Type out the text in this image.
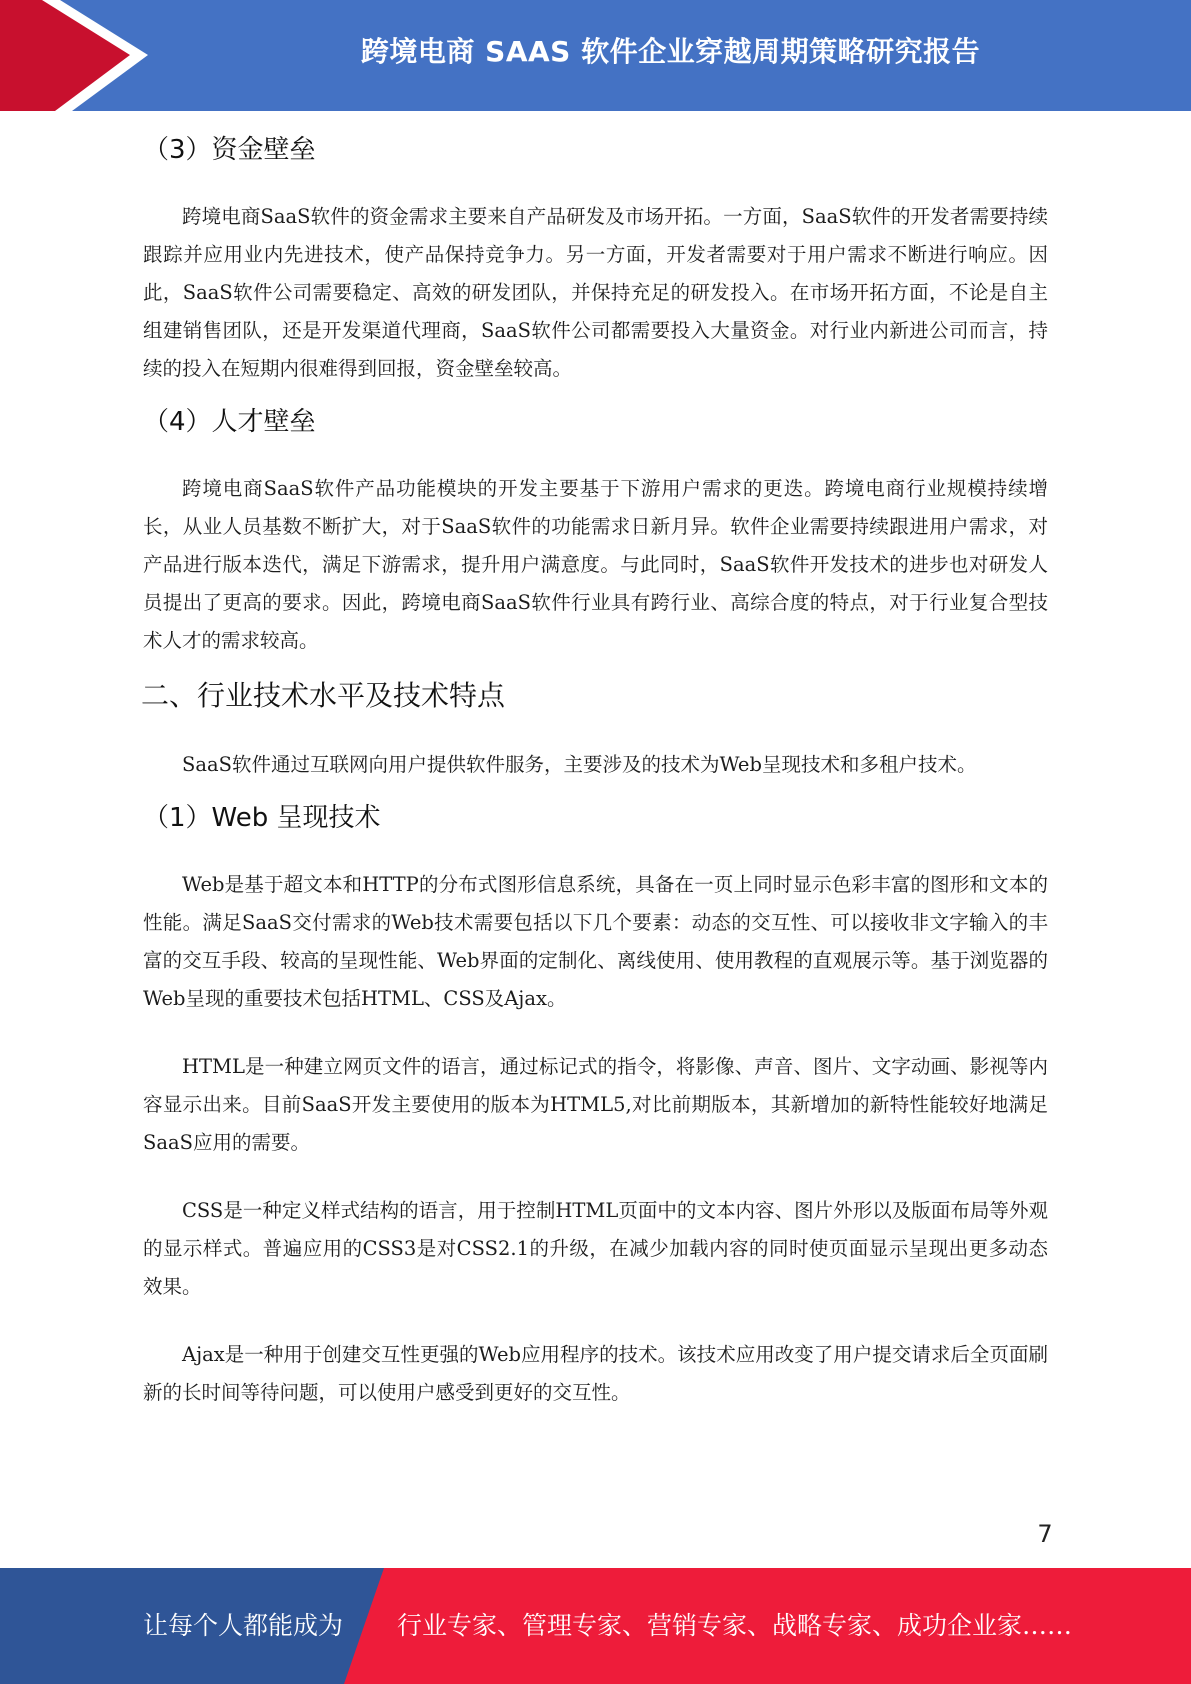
跨境电商 SAAS 软件企业穿越周期策略研究报告
（3）资金壁垒

跨境电商SaaS软件的资金需求主要来自产品研发及市场开拓。一方面，SaaS软件的开发者需要持续跟踪并应用业内先进技术，使产品保持竞争力。另一方面，开发者需要对于用户需求不断进行响应。因此，SaaS软件公司需要稳定、高效的研发团队，并保持充足的研发投入。在市场开拓方面，不论是自主组建销售团队，还是开发渠道代理商，SaaS软件公司都需要投入大量资金。对行业内新进公司而言，持续的投入在短期内很难得到回报，资金壁垒较高。

（4）人才壁垒

跨境电商SaaS软件产品功能模块的开发主要基于下游用户需求的更迭。跨境电商行业规模持续增长，从业人员基数不断扩大，对于SaaS软件的功能需求日新月异。软件企业需要持续跟进用户需求，对产品进行版本迭代，满足下游需求，提升用户满意度。与此同时，SaaS软件开发技术的进步也对研发人员提出了更高的要求。因此，跨境电商SaaS软件行业具有跨行业、高综合度的特点，对于行业复合型技术人才的需求较高。

二、行业技术水平及技术特点

SaaS软件通过互联网向用户提供软件服务，主要涉及的技术为Web呈现技术和多租户技术。

（1）Web 呈现技术

Web是基于超文本和HTTP的分布式图形信息系统，具备在一页上同时显示色彩丰富的图形和文本的性能。满足SaaS交付需求的Web技术需要包括以下几个要素：动态的交互性、可以接收非文字输入的丰富的交互手段、较高的呈现性能、Web界面的定制化、离线使用、使用教程的直观展示等。基于浏览器的Web呈现的重要技术包括HTML、CSS及Ajax。

HTML是一种建立网页文件的语言，通过标记式的指令，将影像、声音、图片、文字动画、影视等内容显示出来。目前SaaS开发主要使用的版本为HTML5,对比前期版本，其新增加的新特性能较好地满足SaaS应用的需要。

CSS是一种定义样式结构的语言，用于控制HTML页面中的文本内容、图片外形以及版面布局等外观的显示样式。普遍应用的CSS3是对CSS2.1的升级，在减少加载内容的同时使页面显示呈现出更多动态效果。

Ajax是一种用于创建交互性更强的Web应用程序的技术。该技术应用改变了用户提交请求后全页面刷新的长时间等待问题，可以使用户感受到更好的交互性。

7
让每个人都能成为 行业专家、管理专家、营销专家、战略专家、成功企业家……
